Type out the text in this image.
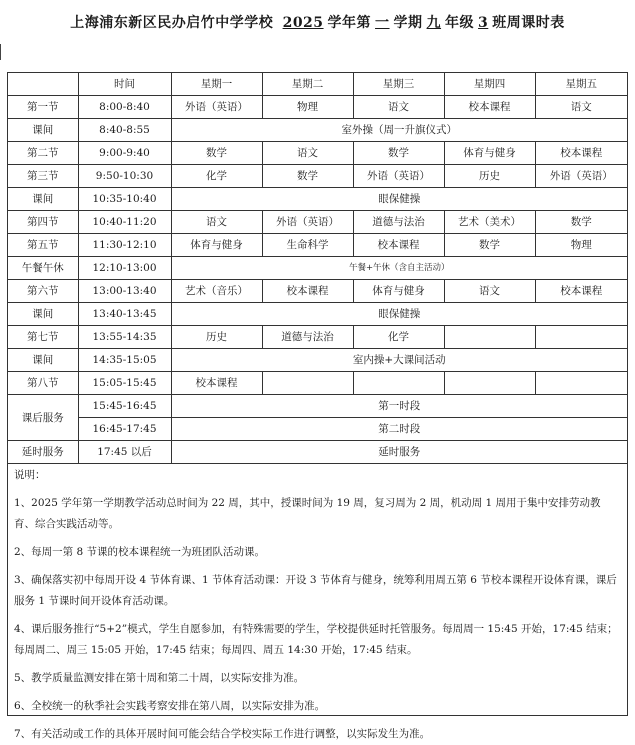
上海浦东新区民办启竹中学学校 2025 学年第 一 学期 九 年级 3 班周课时表
	时间	星期一	星期二	星期三	星期四	星期五
第一节	8:00-8:40	外语（英语）	物理	语文	校本课程	语文
课间	8:40-8:55	室外操（周一升旗仪式）				
第二节	9:00-9:40	数学	语文	数学	体育与健身	校本课程
第三节	9:50-10:30	化学	数学	外语（英语）	历史	外语（英语）
课间	10:35-10:40	眼保健操				
第四节	10:40-11:20	语文	外语（英语）	道德与法治	艺术（美术）	数学
第五节	11:30-12:10	体育与健身	生命科学	校本课程	数学	物理
午餐午休	12:10-13:00	午餐+午休（含自主活动）				
第六节	13:00-13:40	艺术（音乐）	校本课程	体育与健身	语文	校本课程
课间	13:40-13:45	眼保健操				
第七节	13:55-14:35	历史	道德与法治	化学		
课间	14:35-15:05	室内操+大课间活动				
第八节	15:05-15:45	校本课程				
课后服务	15:45-16:45	第一时段				
	16:45-17:45	第二时段				
延时服务	17:45 以后	延时服务				

说明：

1、2025 学年第一学期教学活动总时间为 22 周，其中，授课时间为 19 周，复习周为 2 周，机动周 1 周用于集中安排劳动教育、综合实践活动等。

2、每周一第 8 节课的校本课程统一为班团队活动课。

3、确保落实初中每周开设 4 节体育课、1 节体育活动课：开设 3 节体育与健身，统筹利用周五第 6 节校本课程开设体育课，课后服务 1 节课时间开设体育活动课。

4、课后服务推行“5+2”模式，学生自愿参加，有特殊需要的学生，学校提供延时托管服务。每周周一 15:45 开始，17:45 结束；每周周二、周三 15:05 开始，17:45 结束；每周四、周五 14:30 开始，17:45 结束。

5、教学质量监测安排在第十周和第二十周，以实际安排为准。

6、全校统一的秋季社会实践考察安排在第八周，以实际安排为准。

7、有关活动或工作的具体开展时间可能会结合学校实际工作进行调整，以实际发生为准。
